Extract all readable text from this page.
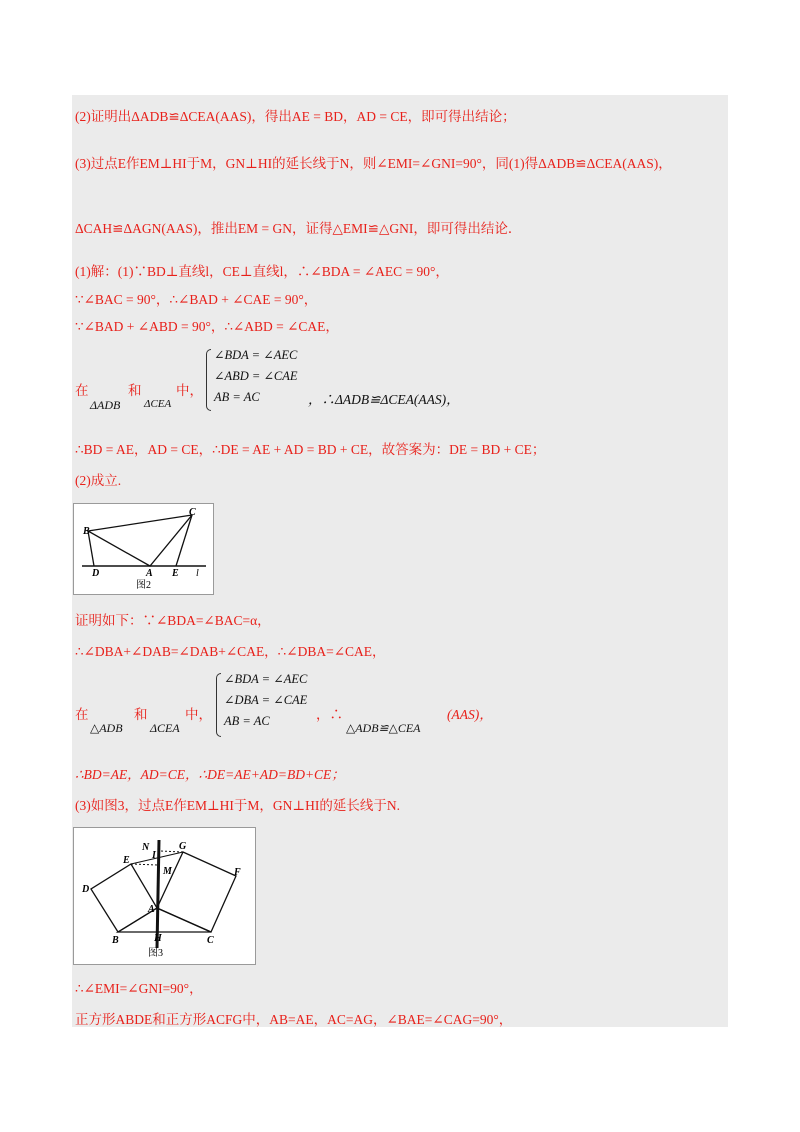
(2)证明出ΔADB≌ΔCEA(AAS)，得出AE = BD，AD = CE，即可得出结论；
(3)过点E作EM⊥HI于M，GN⊥HI的延长线于N，则∠EMI=∠GNI=90°，同(1)得ΔADB≌ΔCEA(AAS)，
ΔCAH≌ΔAGN(AAS)，推出EM = GN，证得△EMI≌△GNI，即可得出结论．
(1)解：(1)∵BD⊥直线l，CE⊥直线l，∴∠BDA = ∠AEC = 90°，
∵∠BAC = 90°，∴∠BAD + ∠CAE = 90°，
∵∠BAD + ∠ABD = 90°，∴∠ABD = ∠CAE，
在	和	中，
ΔADB ΔCEA
∠BDA = ∠AEC
∠ABD = ∠CAE
AB = AC	，∴ΔADB≌ΔCEA(AAS)，
∴BD = AE，AD = CE，∴DE = AE + AD = BD + CE，故答案为：DE = BD + CE；
(2)成立.
B
C
D	A E l
图2
证明如下：∵∠BDA=∠BAC=α，
∴∠DBA+∠DAB=∠DAB+∠CAE，∴∠DBA=∠CAE，
在	和	中，
△ADB ΔCEA
∠BDA = ∠AEC
∠DBA = ∠CAE
AB = AC	，∴
△ADB≌△CEA
(AAS)，
∴BD=AE，AD=CE，∴DE=AE+AD=BD+CE；
(3)如图3，过点E作EM⊥HI于M，GN⊥HI的延长线于N.
N
I
G
E
M	F
D
A
B	H	C
图3
∴∠EMI=∠GNI=90°，
正方形ABDE和正方形ACFG中，AB=AE，AC=AG，∠BAE=∠CAG=90°，
